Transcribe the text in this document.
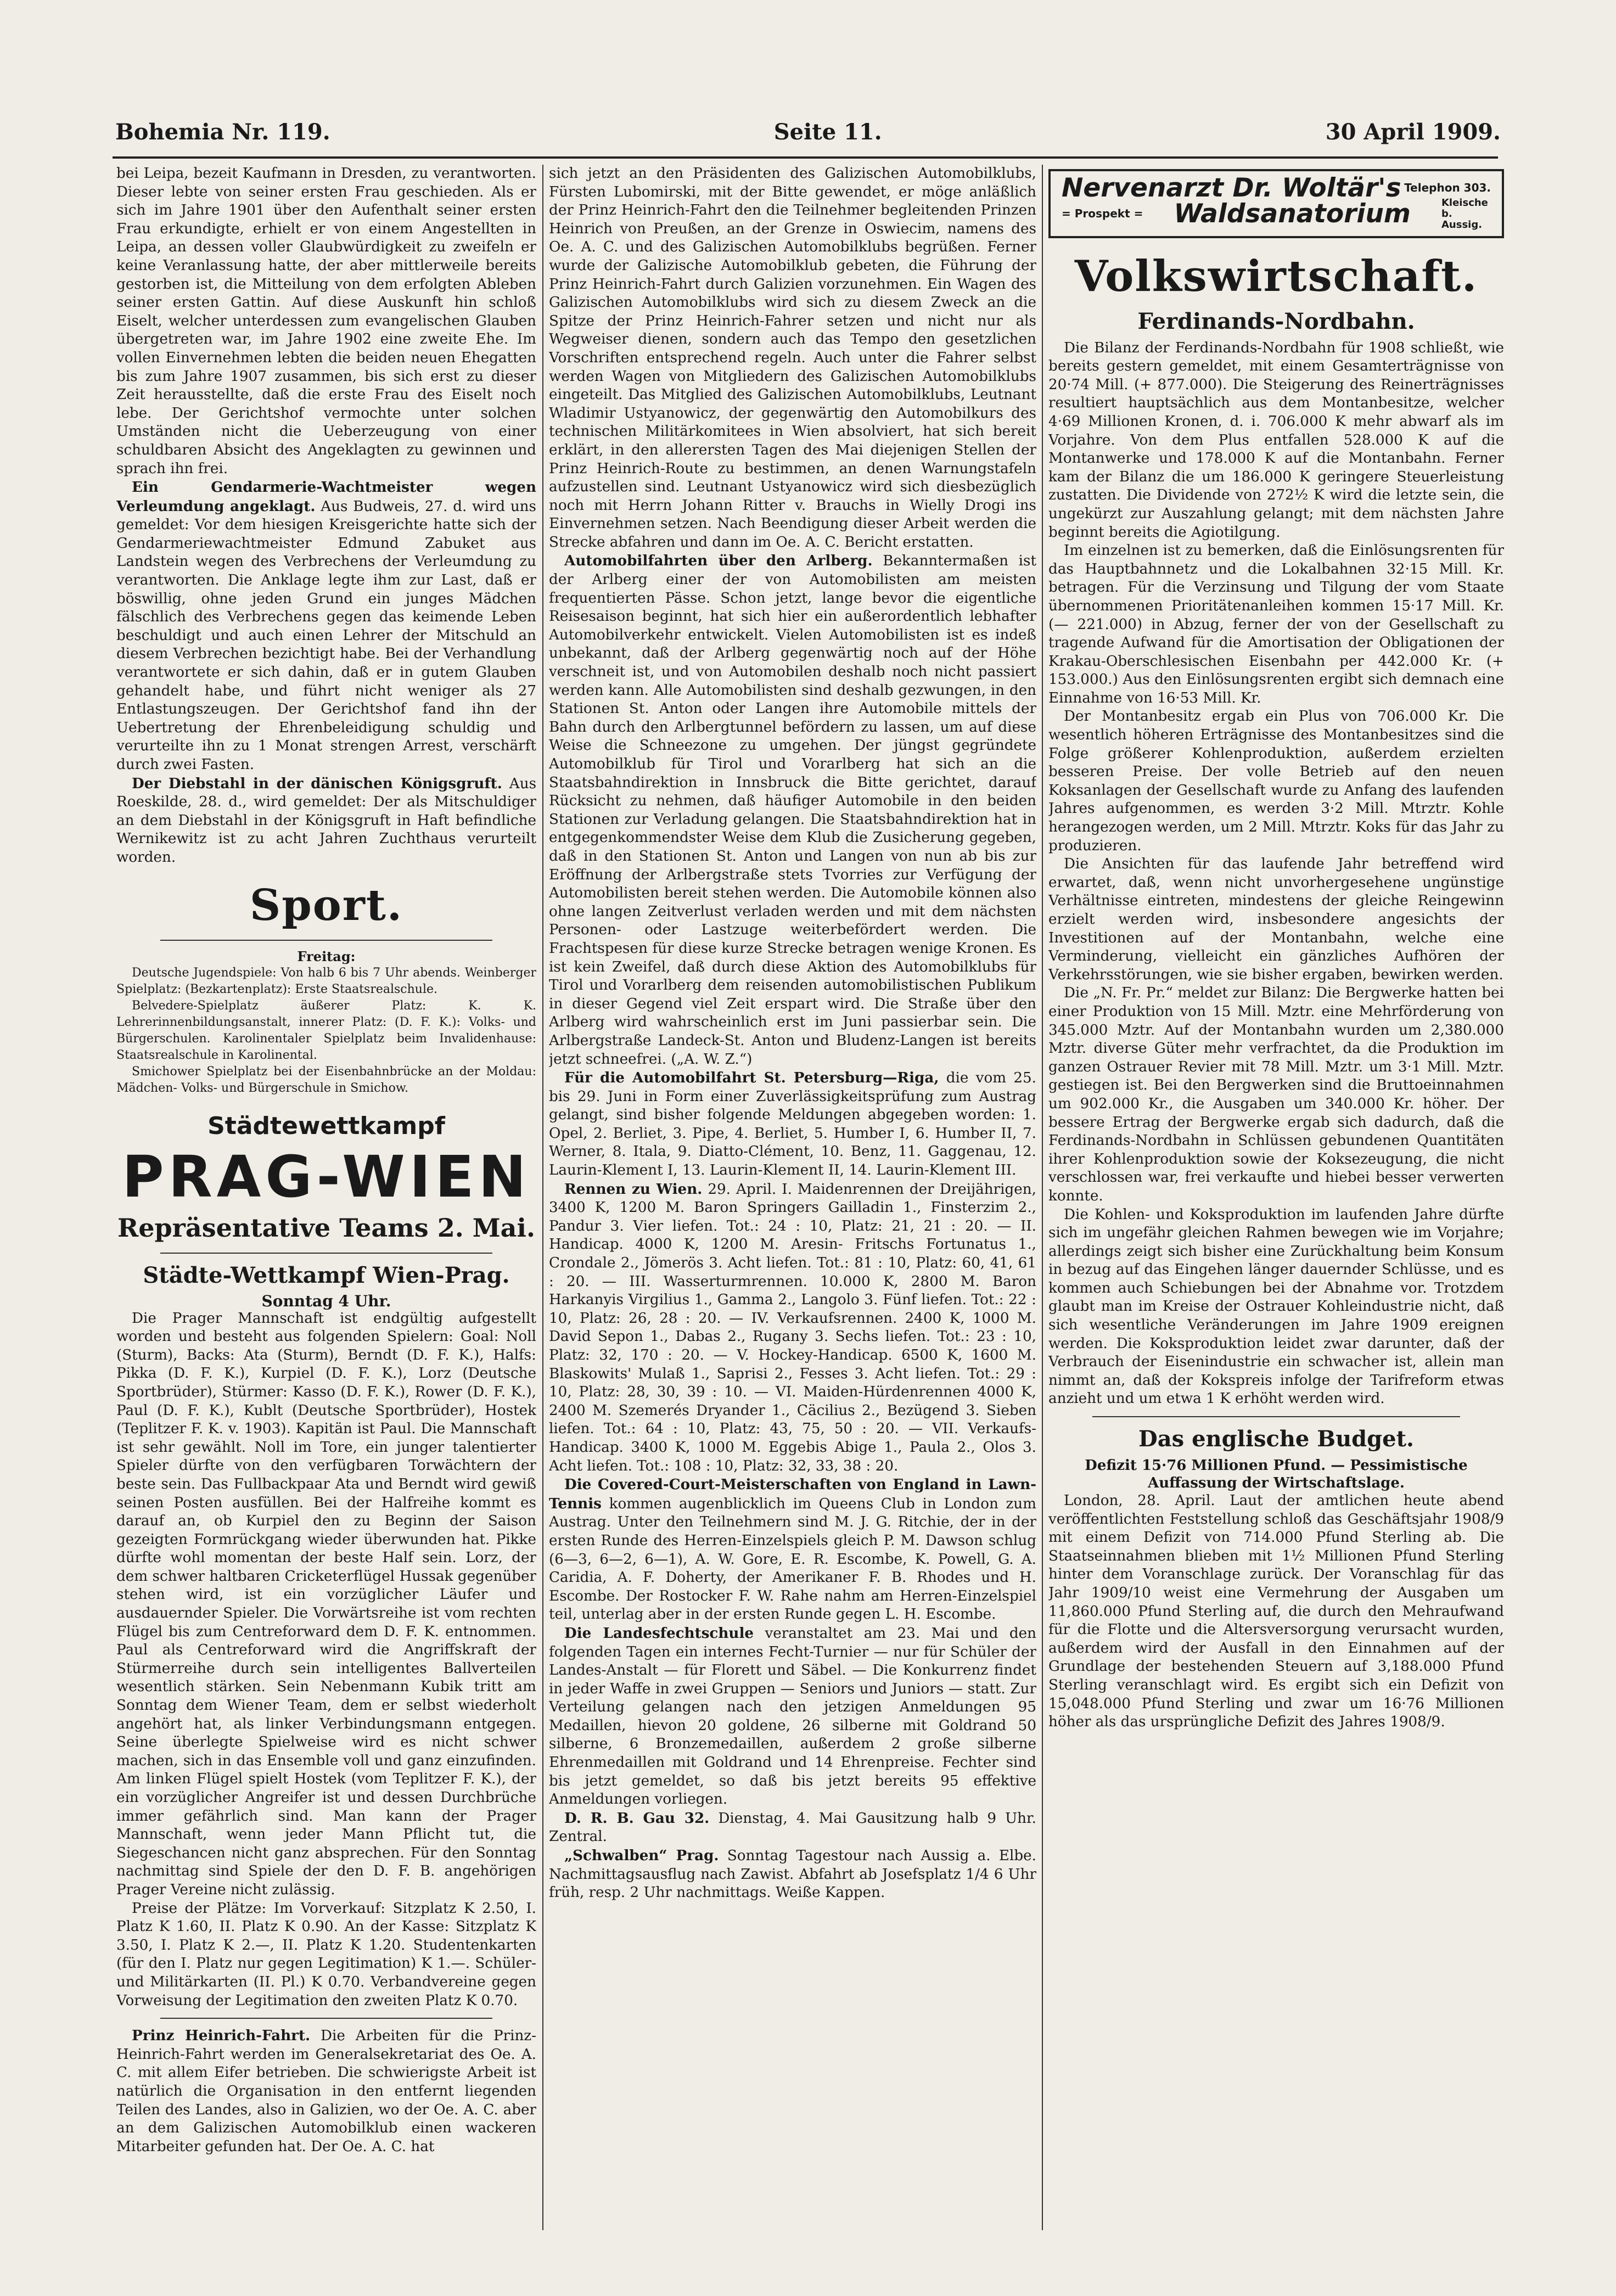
Bohemia Nr. 119.	Seite 11.	30 April 1909.

bei Leipa, bezeit Kaufmann in Dresden, zu verantworten. Dieser lebte von seiner ersten Frau geschieden. Als er sich im Jahre 1901 über den Aufenthalt seiner ersten Frau erkundigte, erhielt er von einem Angestellten in Leipa, an dessen voller Glaubwürdigkeit zu zweifeln er keine Veranlassung hatte, der aber mittlerweile bereits gestorben ist, die Mitteilung von dem erfolgten Ableben seiner ersten Gattin. Auf diese Auskunft hin schloß Eiselt, welcher unterdessen zum evangelischen Glauben übergetreten war, im Jahre 1902 eine zweite Ehe. Im vollen Einvernehmen lebten die beiden neuen Ehegatten bis zum Jahre 1907 zusammen, bis sich erst zu dieser Zeit herausstellte, daß die erste Frau des Eiselt noch lebe. Der Gerichtshof vermochte unter solchen Umständen nicht die Ueberzeugung von einer schuldbaren Absicht des Angeklagten zu gewinnen und sprach ihn frei.

Ein Gendarmerie-Wachtmeister wegen Verleumdung angeklagt. Aus Budweis, 27. d. wird uns gemeldet: Vor dem hiesigen Kreisgerichte hatte sich der Gendarmeriewachtmeister Edmund Zabuket aus Landstein wegen des Verbrechens der Verleumdung zu verantworten. Die Anklage legte ihm zur Last, daß er böswillig, ohne jeden Grund ein junges Mädchen fälschlich des Verbrechens gegen das keimende Leben beschuldigt und auch einen Lehrer der Mitschuld an diesem Verbrechen bezichtigt habe. Bei der Verhandlung verantwortete er sich dahin, daß er in gutem Glauben gehandelt habe, und führt nicht weniger als 27 Entlastungszeugen. Der Gerichtshof fand ihn der Uebertretung der Ehrenbeleidigung schuldig und verurteilte ihn zu 1 Monat strengen Arrest, verschärft durch zwei Fasten.

Der Diebstahl in der dänischen Königsgruft. Aus Roeskilde, 28. d., wird gemeldet: Der als Mitschuldiger an dem Diebstahl in der Königsgruft in Haft befindliche Wernikewitz ist zu acht Jahren Zuchthaus verurteilt worden.

Sport.
Freitag:

Deutsche Jugendspiele: Von halb 6 bis 7 Uhr abends. Weinberger Spielplatz: (Bezkartenplatz): Erste Staatsrealschule.

Belvedere-Spielplatz äußerer Platz: K. K. Lehrerinnenbildungsanstalt, innerer Platz: (D. F. K.): Volks- und Bürgerschulen. Karolinentaler Spielplatz beim Invalidenhause: Staatsrealschule in Karolinental.

Smichower Spielplatz bei der Eisenbahnbrücke an der Moldau: Mädchen- Volks- und Bürgerschule in Smichow.

Städtewettkampf
PRAG-WIEN
Repräsentative Teams 2. Mai.
Städte-Wettkampf Wien-Prag.
Sonntag 4 Uhr.

Die Prager Mannschaft ist endgültig aufgestellt worden und besteht aus folgenden Spielern: Goal: Noll (Sturm), Backs: Ata (Sturm), Berndt (D. F. K.), Halfs: Pikka (D. F. K.), Kurpiel (D. F. K.), Lorz (Deutsche Sportbrüder), Stürmer: Kasso (D. F. K.), Rower (D. F. K.), Paul (D. F. K.), Kublt (Deutsche Sportbrüder), Hostek (Teplitzer F. K. v. 1903). Kapitän ist Paul. Die Mannschaft ist sehr gewählt. Noll im Tore, ein junger talentierter Spieler dürfte von den verfügbaren Torwächtern der beste sein. Das Fullbackpaar Ata und Berndt wird gewiß seinen Posten ausfüllen. Bei der Halfreihe kommt es darauf an, ob Kurpiel den zu Beginn der Saison gezeigten Formrückgang wieder überwunden hat. Pikke dürfte wohl momentan der beste Half sein. Lorz, der dem schwer haltbaren Cricketerflügel Hussak gegenüber stehen wird, ist ein vorzüglicher Läufer und ausdauernder Spieler. Die Vorwärtsreihe ist vom rechten Flügel bis zum Centreforward dem D. F. K. entnommen. Paul als Centreforward wird die Angriffskraft der Stürmerreihe durch sein intelligentes Ballverteilen wesentlich stärken. Sein Nebenmann Kubik tritt am Sonntag dem Wiener Team, dem er selbst wiederholt angehört hat, als linker Verbindungsmann entgegen. Seine überlegte Spielweise wird es nicht schwer machen, sich in das Ensemble voll und ganz einzufinden. Am linken Flügel spielt Hostek (vom Teplitzer F. K.), der ein vorzüglicher Angreifer ist und dessen Durchbrüche immer gefährlich sind. Man kann der Prager Mannschaft, wenn jeder Mann Pflicht tut, die Siegeschancen nicht ganz absprechen. Für den Sonntag nachmittag sind Spiele der den D. F. B. angehörigen Prager Vereine nicht zulässig.

Preise der Plätze: Im Vorverkauf: Sitzplatz K 2.50, I. Platz K 1.60, II. Platz K 0.90. An der Kasse: Sitzplatz K 3.50, I. Platz K 2.—, II. Platz K 1.20. Studentenkarten (für den I. Platz nur gegen Legitimation) K 1.—. Schüler- und Militärkarten (II. Pl.) K 0.70. Verbandvereine gegen Vorweisung der Legitimation den zweiten Platz K 0.70.

Prinz Heinrich-Fahrt. Die Arbeiten für die Prinz-Heinrich-Fahrt werden im Generalsekretariat des Oe. A. C. mit allem Eifer betrieben. Die schwierigste Arbeit ist natürlich die Organisation in den entfernt liegenden Teilen des Landes, also in Galizien, wo der Oe. A. C. aber an dem Galizischen Automobilklub einen wackeren Mitarbeiter gefunden hat. Der Oe. A. C. hat

sich jetzt an den Präsidenten des Galizischen Automobilklubs, Fürsten Lubomirski, mit der Bitte gewendet, er möge anläßlich der Prinz Heinrich-Fahrt den die Teilnehmer begleitenden Prinzen Heinrich von Preußen, an der Grenze in Oswiecim, namens des Oe. A. C. und des Galizischen Automobilklubs begrüßen. Ferner wurde der Galizische Automobilklub gebeten, die Führung der Prinz Heinrich-Fahrt durch Galizien vorzunehmen. Ein Wagen des Galizischen Automobilklubs wird sich zu diesem Zweck an die Spitze der Prinz Heinrich-Fahrer setzen und nicht nur als Wegweiser dienen, sondern auch das Tempo den gesetzlichen Vorschriften entsprechend regeln. Auch unter die Fahrer selbst werden Wagen von Mitgliedern des Galizischen Automobilklubs eingeteilt. Das Mitglied des Galizischen Automobilklubs, Leutnant Wladimir Ustyanowicz, der gegenwärtig den Automobilkurs des technischen Militärkomitees in Wien absolviert, hat sich bereit erklärt, in den allerersten Tagen des Mai diejenigen Stellen der Prinz Heinrich-Route zu bestimmen, an denen Warnungstafeln aufzustellen sind. Leutnant Ustyanowicz wird sich diesbezüglich noch mit Herrn Johann Ritter v. Brauchs in Wielly Drogi ins Einvernehmen setzen. Nach Beendigung dieser Arbeit werden die Strecke abfahren und dann im Oe. A. C. Bericht erstatten.

Automobilfahrten über den Arlberg. Bekanntermaßen ist der Arlberg einer der von Automobilisten am meisten frequentierten Pässe. Schon jetzt, lange bevor die eigentliche Reisesaison beginnt, hat sich hier ein außerordentlich lebhafter Automobilverkehr entwickelt. Vielen Automobilisten ist es indeß unbekannt, daß der Arlberg gegenwärtig noch auf der Höhe verschneit ist, und von Automobilen deshalb noch nicht passiert werden kann. Alle Automobilisten sind deshalb gezwungen, in den Stationen St. Anton oder Langen ihre Automobile mittels der Bahn durch den Arlbergtunnel befördern zu lassen, um auf diese Weise die Schneezone zu umgehen. Der jüngst gegründete Automobilklub für Tirol und Vorarlberg hat sich an die Staatsbahndirektion in Innsbruck die Bitte gerichtet, darauf Rücksicht zu nehmen, daß häufiger Automobile in den beiden Stationen zur Verladung gelangen. Die Staatsbahndirektion hat in entgegenkommendster Weise dem Klub die Zusicherung gegeben, daß in den Stationen St. Anton und Langen von nun ab bis zur Eröffnung der Arlbergstraße stets Tvorries zur Verfügung der Automobilisten bereit stehen werden. Die Automobile können also ohne langen Zeitverlust verladen werden und mit dem nächsten Personen- oder Lastzuge weiterbefördert werden. Die Frachtspesen für diese kurze Strecke betragen wenige Kronen. Es ist kein Zweifel, daß durch diese Aktion des Automobilklubs für Tirol und Vorarlberg dem reisenden automobilistischen Publikum in dieser Gegend viel Zeit erspart wird. Die Straße über den Arlberg wird wahrscheinlich erst im Juni passierbar sein. Die Arlbergstraße Landeck-St. Anton und Bludenz-Langen ist bereits jetzt schneefrei. („A. W. Z.“)

Für die Automobilfahrt St. Petersburg—Riga, die vom 25. bis 29. Juni in Form einer Zuverlässigkeitsprüfung zum Austrag gelangt, sind bisher folgende Meldungen abgegeben worden: 1. Opel, 2. Berliet, 3. Pipe, 4. Berliet, 5. Humber I, 6. Humber II, 7. Werner, 8. Itala, 9. Diatto-Clément, 10. Benz, 11. Gaggenau, 12. Laurin-Klement I, 13. Laurin-Klement II, 14. Laurin-Klement III.

Rennen zu Wien. 29. April. I. Maidenrennen der Dreijährigen, 3400 K, 1200 M. Baron Springers Gailladin 1., Finsterzim 2., Pandur 3. Vier liefen. Tot.: 24 : 10, Platz: 21, 21 : 20. — II. Handicap. 4000 K, 1200 M. Aresin- Fritschs Fortunatus 1., Crondale 2., Jömerös 3. Acht liefen. Tot.: 81 : 10, Platz: 60, 41, 61 : 20. — III. Wasserturmrennen. 10.000 K, 2800 M. Baron Harkanyis Virgilius 1., Gamma 2., Langolo 3. Fünf liefen. Tot.: 22 : 10, Platz: 26, 28 : 20. — IV. Verkaufsrennen. 2400 K, 1000 M. David Sepon 1., Dabas 2., Rugany 3. Sechs liefen. Tot.: 23 : 10, Platz: 32, 170 : 20. — V. Hockey-Handicap. 6500 K, 1600 M. Blaskowits' Mulaß 1., Saprisi 2., Fesses 3. Acht liefen. Tot.: 29 : 10, Platz: 28, 30, 39 : 10. — VI. Maiden-Hürdenrennen 4000 K, 2400 M. Szemerés Dryander 1., Cäcilius 2., Bezügend 3. Sieben liefen. Tot.: 64 : 10, Platz: 43, 75, 50 : 20. — VII. Verkaufs-Handicap. 3400 K, 1000 M. Eggebis Abige 1., Paula 2., Olos 3. Acht liefen. Tot.: 108 : 10, Platz: 32, 33, 38 : 20.

Die Covered-Court-Meisterschaften von England in Lawn-Tennis kommen augenblicklich im Queens Club in London zum Austrag. Unter den Teilnehmern sind M. J. G. Ritchie, der in der ersten Runde des Herren-Einzelspiels gleich P. M. Dawson schlug (6—3, 6—2, 6—1), A. W. Gore, E. R. Escombe, K. Powell, G. A. Caridia, A. F. Doherty, der Amerikaner F. B. Rhodes und H. Escombe. Der Rostocker F. W. Rahe nahm am Herren-Einzelspiel teil, unterlag aber in der ersten Runde gegen L. H. Escombe.

Die Landesfechtschule veranstaltet am 23. Mai und den folgenden Tagen ein internes Fecht-Turnier — nur für Schüler der Landes-Anstalt — für Florett und Säbel. — Die Konkurrenz findet in jeder Waffe in zwei Gruppen — Seniors und Juniors — statt. Zur Verteilung gelangen nach den jetzigen Anmeldungen 95 Medaillen, hievon 20 goldene, 26 silberne mit Goldrand 50 silberne, 6 Bronzemedaillen, außerdem 2 große silberne Ehrenmedaillen mit Goldrand und 14 Ehrenpreise. Fechter sind bis jetzt gemeldet, so daß bis jetzt bereits 95 effektive Anmeldungen vorliegen.

D. R. B. Gau 32. Dienstag, 4. Mai Gausitzung halb 9 Uhr. Zentral.

„Schwalben“ Prag. Sonntag Tagestour nach Aussig a. Elbe. Nachmittagsausflug nach Zawist. Abfahrt ab Josefsplatz 1/4 6 Uhr früh, resp. 2 Uhr nachmittags. Weiße Kappen.

Nervenarzt Dr. Woltär's Telephon 303.
= Prospekt = Waldsanatorium	Kleische b. Aussig.
Volkswirtschaft.
Ferdinands-Nordbahn.

Die Bilanz der Ferdinands-Nordbahn für 1908 schließt, wie bereits gestern gemeldet, mit einem Gesamterträgnisse von 20·74 Mill. (+ 877.000). Die Steigerung des Reinerträgnisses resultiert hauptsächlich aus dem Montanbesitze, welcher 4·69 Millionen Kronen, d. i. 706.000 K mehr abwarf als im Vorjahre. Von dem Plus entfallen 528.000 K auf die Montanwerke und 178.000 K auf die Montanbahn. Ferner kam der Bilanz die um 186.000 K geringere Steuerleistung zustatten. Die Dividende von 272½ K wird die letzte sein, die ungekürzt zur Auszahlung gelangt; mit dem nächsten Jahre beginnt bereits die Agiotilgung.

Im einzelnen ist zu bemerken, daß die Einlösungsrenten für das Hauptbahnnetz und die Lokalbahnen 32·15 Mill. Kr. betragen. Für die Verzinsung und Tilgung der vom Staate übernommenen Prioritätenanleihen kommen 15·17 Mill. Kr. (— 221.000) in Abzug, ferner der von der Gesellschaft zu tragende Aufwand für die Amortisation der Obligationen der Krakau-Oberschlesischen Eisenbahn per 442.000 Kr. (+ 153.000.) Aus den Einlösungsrenten ergibt sich demnach eine Einnahme von 16·53 Mill. Kr.

Der Montanbesitz ergab ein Plus von 706.000 Kr. Die wesentlich höheren Erträgnisse des Montanbesitzes sind die Folge größerer Kohlenproduktion, außerdem erzielten besseren Preise. Der volle Betrieb auf den neuen Koksanlagen der Gesellschaft wurde zu Anfang des laufenden Jahres aufgenommen, es werden 3·2 Mill. Mtrztr. Kohle herangezogen werden, um 2 Mill. Mtrztr. Koks für das Jahr zu produzieren.

Die Ansichten für das laufende Jahr betreffend wird erwartet, daß, wenn nicht unvorhergesehene ungünstige Verhältnisse eintreten, mindestens der gleiche Reingewinn erzielt werden wird, insbesondere angesichts der Investitionen auf der Montanbahn, welche eine Verminderung, vielleicht ein gänzliches Aufhören der Verkehrsstörungen, wie sie bisher ergaben, bewirken werden.

Die „N. Fr. Pr.“ meldet zur Bilanz: Die Bergwerke hatten bei einer Produktion von 15 Mill. Mztr. eine Mehrförderung von 345.000 Mztr. Auf der Montanbahn wurden um 2,380.000 Mztr. diverse Güter mehr verfrachtet, da die Produktion im ganzen Ostrauer Revier mit 78 Mill. Mztr. um 3·1 Mill. Mztr. gestiegen ist. Bei den Bergwerken sind die Bruttoeinnahmen um 902.000 Kr., die Ausgaben um 340.000 Kr. höher. Der bessere Ertrag der Bergwerke ergab sich dadurch, daß die Ferdinands-Nordbahn in Schlüssen gebundenen Quantitäten ihrer Kohlenproduktion sowie der Koksezeugung, die nicht verschlossen war, frei verkaufte und hiebei besser verwerten konnte.

Die Kohlen- und Koksproduktion im laufenden Jahre dürfte sich im ungefähr gleichen Rahmen bewegen wie im Vorjahre; allerdings zeigt sich bisher eine Zurückhaltung beim Konsum in bezug auf das Eingehen länger dauernder Schlüsse, und es kommen auch Schiebungen bei der Abnahme vor. Trotzdem glaubt man im Kreise der Ostrauer Kohleindustrie nicht, daß sich wesentliche Veränderungen im Jahre 1909 ereignen werden. Die Koksproduktion leidet zwar darunter, daß der Verbrauch der Eisenindustrie ein schwacher ist, allein man nimmt an, daß der Kokspreis infolge der Tarifreform etwas anzieht und um etwa 1 K erhöht werden wird.

Das englische Budget.
Defizit 15·76 Millionen Pfund. — Pessimistische Auffassung der Wirtschaftslage.

London, 28. April. Laut der amtlichen heute abend veröffentlichten Feststellung schloß das Geschäftsjahr 1908/9 mit einem Defizit von 714.000 Pfund Sterling ab. Die Staatseinnahmen blieben mit 1½ Millionen Pfund Sterling hinter dem Voranschlage zurück. Der Voranschlag für das Jahr 1909/10 weist eine Vermehrung der Ausgaben um 11,860.000 Pfund Sterling auf, die durch den Mehraufwand für die Flotte und die Altersversorgung verursacht wurden, außerdem wird der Ausfall in den Einnahmen auf der Grundlage der bestehenden Steuern auf 3,188.000 Pfund Sterling veranschlagt wird. Es ergibt sich ein Defizit von 15,048.000 Pfund Sterling und zwar um 16·76 Millionen höher als das ursprüngliche Defizit des Jahres 1908/9.
